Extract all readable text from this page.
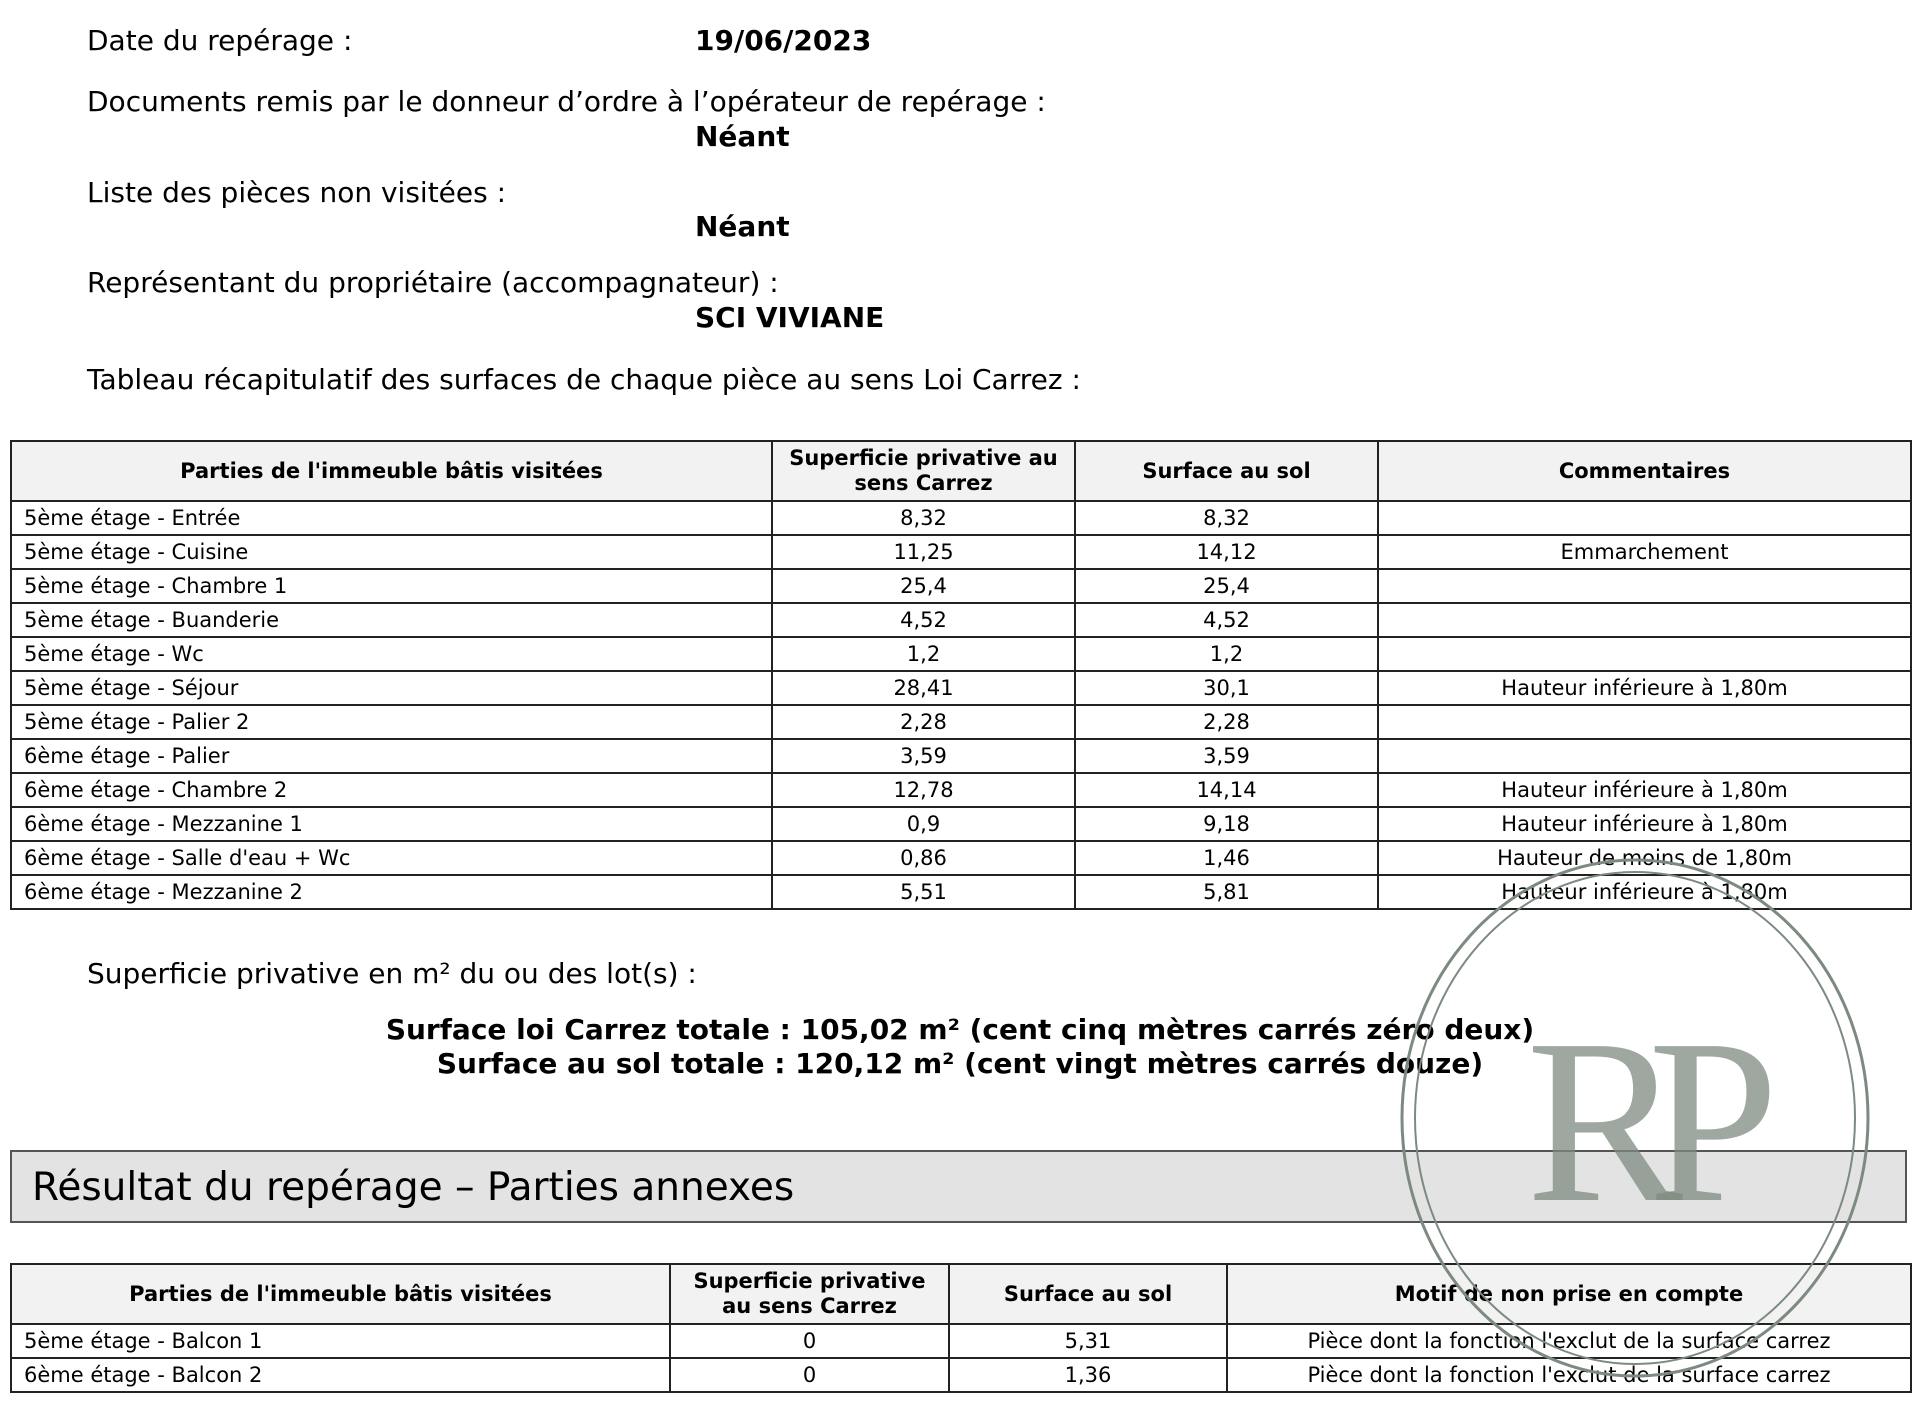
Date du repérage :	19/06/2023
Documents remis par le donneur d’ordre à l’opérateur de repérage :
Néant
Liste des pièces non visitées :
Néant
Représentant du propriétaire (accompagnateur) :
SCI VIVIANE
Tableau récapitulatif des surfaces de chaque pièce au sens Loi Carrez :
Parties de l'immeuble bâtis visitées	Superficie privative au sens Carrez	Surface au sol	Commentaires
5ème étage - Entrée	8,32	8,32	
5ème étage - Cuisine	11,25	14,12	Emmarchement
5ème étage - Chambre 1	25,4	25,4	
5ème étage - Buanderie	4,52	4,52	
5ème étage - Wc	1,2	1,2	
5ème étage - Séjour	28,41	30,1	Hauteur inférieure à 1,80m
5ème étage - Palier 2	2,28	2,28	
6ème étage - Palier	3,59	3,59	
6ème étage - Chambre 2	12,78	14,14	Hauteur inférieure à 1,80m
6ème étage - Mezzanine 1	0,9	9,18	Hauteur inférieure à 1,80m
6ème étage - Salle d'eau + Wc	0,86	1,46	Hauteur de moins de 1,80m
6ème étage - Mezzanine 2	5,51	5,81	Hauteur inférieure à 1,80m
Superficie privative en m² du ou des lot(s) :
Surface loi Carrez totale : 105,02 m² (cent cinq mètres carrés zéro deux)
Surface au sol totale : 120,12 m² (cent vingt mètres carrés douze)
Résultat du repérage – Parties annexes
Parties de l'immeuble bâtis visitées	Superficie privative au sens Carrez	Surface au sol	Motif de non prise en compte
5ème étage - Balcon 1	0	5,31	Pièce dont la fonction l'exclut de la surface carrez
6ème étage - Balcon 2	0	1,36	Pièce dont la fonction l'exclut de la surface carrez
RP
